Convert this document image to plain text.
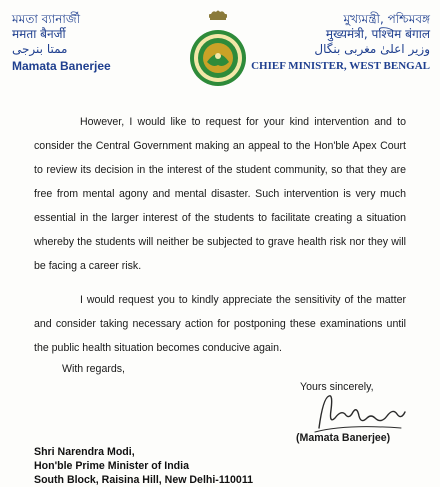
মমতা ব্যানার্জী
ममता बैनर्जी
ممتا بنرجی
Mamata Banerjee
মুখ্যমন্ত্রী, পশ্চিমবঙ্গ
मुख्यमंत्री, पश्चिम बंगाल
وزیر اعلیٰ مغربی بنگال
CHIEF MINISTER, WEST BENGAL

However, I would like to request for your kind intervention and to consider the Central Government making an appeal to the Hon'ble Apex Court to review its decision in the interest of the student community, so that they are free from mental agony and mental disaster. Such intervention is very much essential in the larger interest of the students to facilitate creating a situation whereby the students will neither be subjected to grave health risk nor they will be facing a career risk.

I would request you to kindly appreciate the sensitivity of the matter and consider taking necessary action for postponing these examinations until the public health situation becomes conducive again.

With regards,
Yours sincerely,
(Mamata Banerjee)
Shri Narendra Modi,
Hon'ble Prime Minister of India
South Block, Raisina Hill, New Delhi-110011
